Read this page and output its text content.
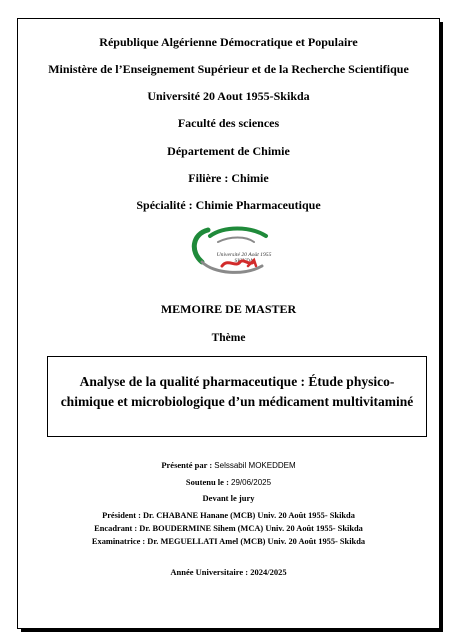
République Algérienne Démocratique et Populaire
Ministère de l’Enseignement Supérieur et de la Recherche Scientifique
Université 20 Aout 1955-Skikda
Faculté des sciences
Département de Chimie
Filière : Chimie
Spécialité : Chimie Pharmaceutique
Université 20 Août 1955
SKIKDA
MEMOIRE DE MASTER
Thème
Analyse de la qualité pharmaceutique : Étude physico-
chimique et microbiologique d’un médicament multivitaminé
Présenté par : Selssabil MOKEDDEM
Soutenu le : 29/06/2025
Devant le jury
Président : Dr. CHABANE Hanane (MCB) Univ. 20 Août 1955- Skikda
Encadrant : Dr. BOUDERMINE Sihem (MCA) Univ. 20 Août 1955- Skikda
Examinatrice : Dr. MEGUELLATI Amel (MCB) Univ. 20 Août 1955- Skikda
Année Universitaire : 2024/2025
